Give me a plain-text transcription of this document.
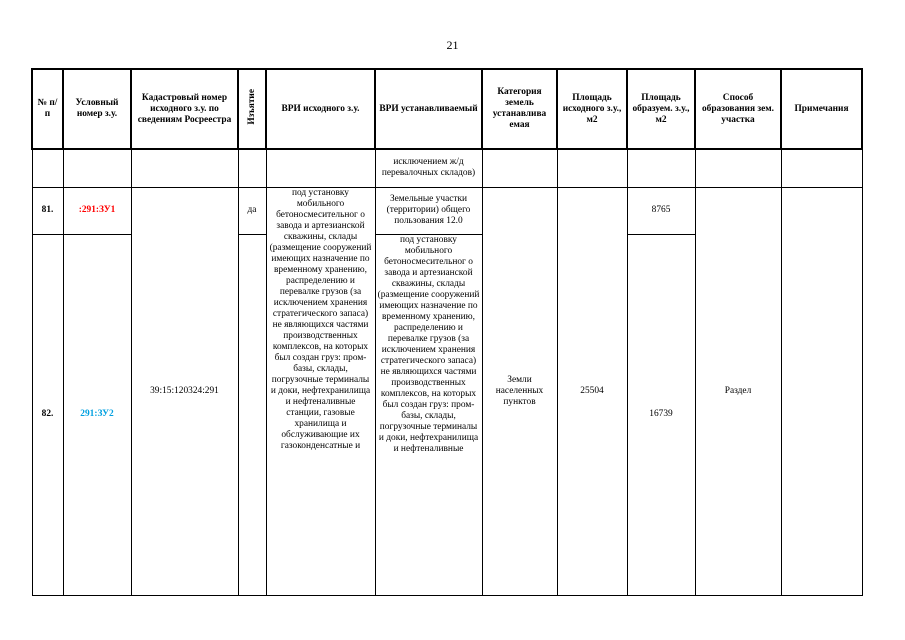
21
№ п/п	Условный номер з.у.	Кадастровый номер исходного з.у. по сведениям Росреестра	Изъятие	ВРИ исходного з.у.	ВРИ устанавливаемый	Категория земель устанавлива емая	Площадь исходного з.у., м2	Площадь образуем. з.у., м2	Способ образования зем. участка	Примечания
					исключением ж/д перевалочных складов)					
81.	:291:ЗУ1	39:15:120324:291	да	под установку мобильного бетоносмесительног о завода и артезианской скважины, склады (размещение сооружений имеющих назначение по временному хранению, распределению и перевалке грузов (за исключением хранения стратегического запаса) не являющихся частями производственных комплексов, на которых был создан груз: пром-базы, склады, погрузочные терминалы и доки, нефтехранилища и нефтеналивные станции, газовые хранилища и обслуживающие их газоконденсатные и	Земельные участки (территории) общего пользования 12.0	Земли населенных пунктов	25504	8765	Раздел	
82.	291:ЗУ2				под установку мобильного бетоносмесительног о завода и артезианской скважины, склады (размещение сооружений имеющих назначение по временному хранению, распределению и перевалке грузов (за исключением хранения стратегического запаса) не являющихся частями производственных комплексов, на которых был создан груз: пром-базы, склады, погрузочные терминалы и доки, нефтехранилища и нефтеналивные			16739		
